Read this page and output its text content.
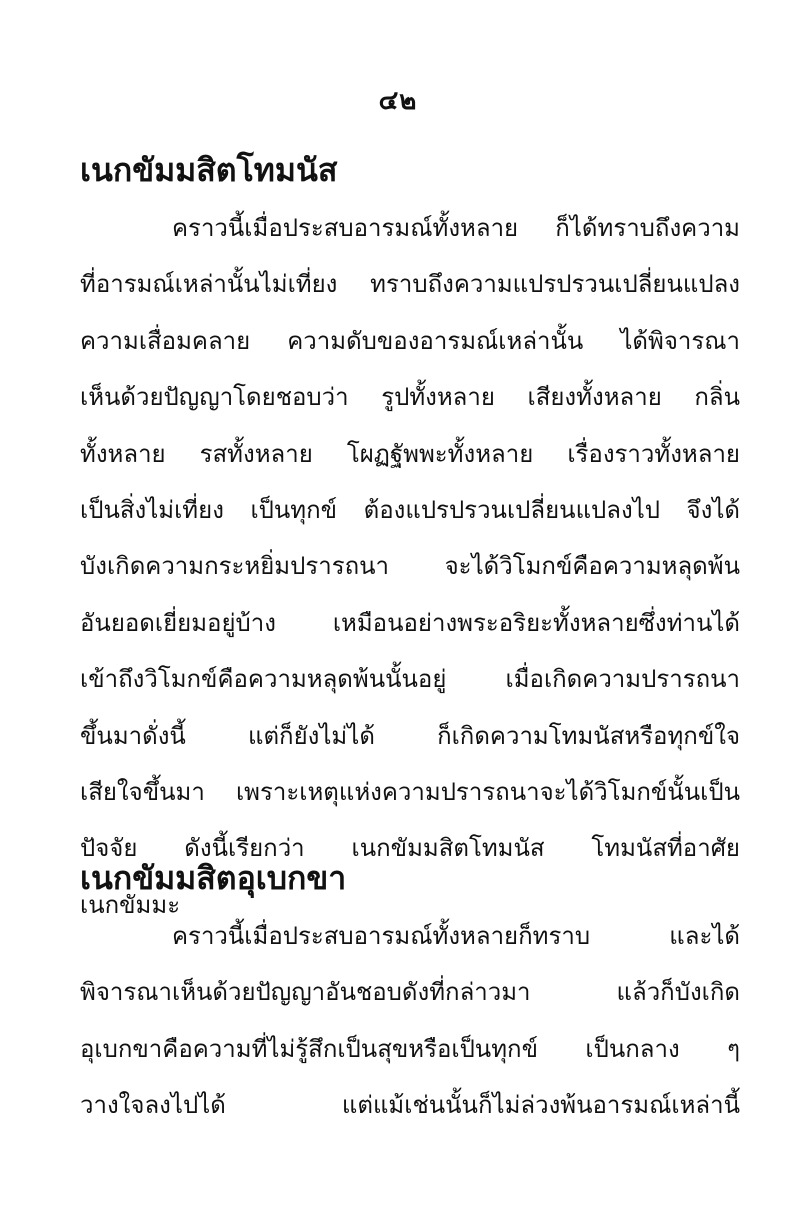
๔๒
เนกขัมมสิตโทมนัส
คราวนี้เมื่อประสบอารมณ์ทั้งหลาย ก็ได้ทราบถึงความ
ที่อารมณ์เหล่านั้นไม่เที่ยง ทราบถึงความแปรปรวนเปลี่ยนแปลง
ความเสื่อมคลาย ความดับของอารมณ์เหล่านั้น ได้พิจารณา
เห็นด้วยปัญญาโดยชอบว่า รูปทั้งหลาย เสียงทั้งหลาย กลิ่น
ทั้งหลาย รสทั้งหลาย โผฏฐัพพะทั้งหลาย เรื่องราวทั้งหลาย
เป็นสิ่งไม่เที่ยง เป็นทุกข์ ต้องแปรปรวนเปลี่ยนแปลงไป จึงได้
บังเกิดความกระหยิ่มปรารถนา จะได้วิโมกข์คือความหลุดพ้น
อันยอดเยี่ยมอยู่บ้าง เหมือนอย่างพระอริยะทั้งหลายซึ่งท่านได้
เข้าถึงวิโมกข์คือความหลุดพ้นนั้นอยู่ เมื่อเกิดความปรารถนา
ขึ้นมาดั่งนี้ แต่ก็ยังไม่ได้ ก็เกิดความโทมนัสหรือทุกข์ใจ
เสียใจขึ้นมา เพราะเหตุแห่งความปรารถนาจะได้วิโมกข์นั้นเป็น
ปัจจัย ดังนี้เรียกว่า เนกขัมมสิตโทมนัส โทมนัสที่อาศัย
เนกขัมมะ
เนกขัมมสิตอุเบกขา
คราวนี้เมื่อประสบอารมณ์ทั้งหลายก็ทราบ และได้
พิจารณาเห็นด้วยปัญญาอันชอบดังที่กล่าวมา แล้วก็บังเกิด
อุเบกขาคือความที่ไม่รู้สึกเป็นสุขหรือเป็นทุกข์ เป็นกลาง ๆ
วางใจลงไปได้ แต่แม้เช่นนั้นก็ไม่ล่วงพ้นอารมณ์เหล่านี้
